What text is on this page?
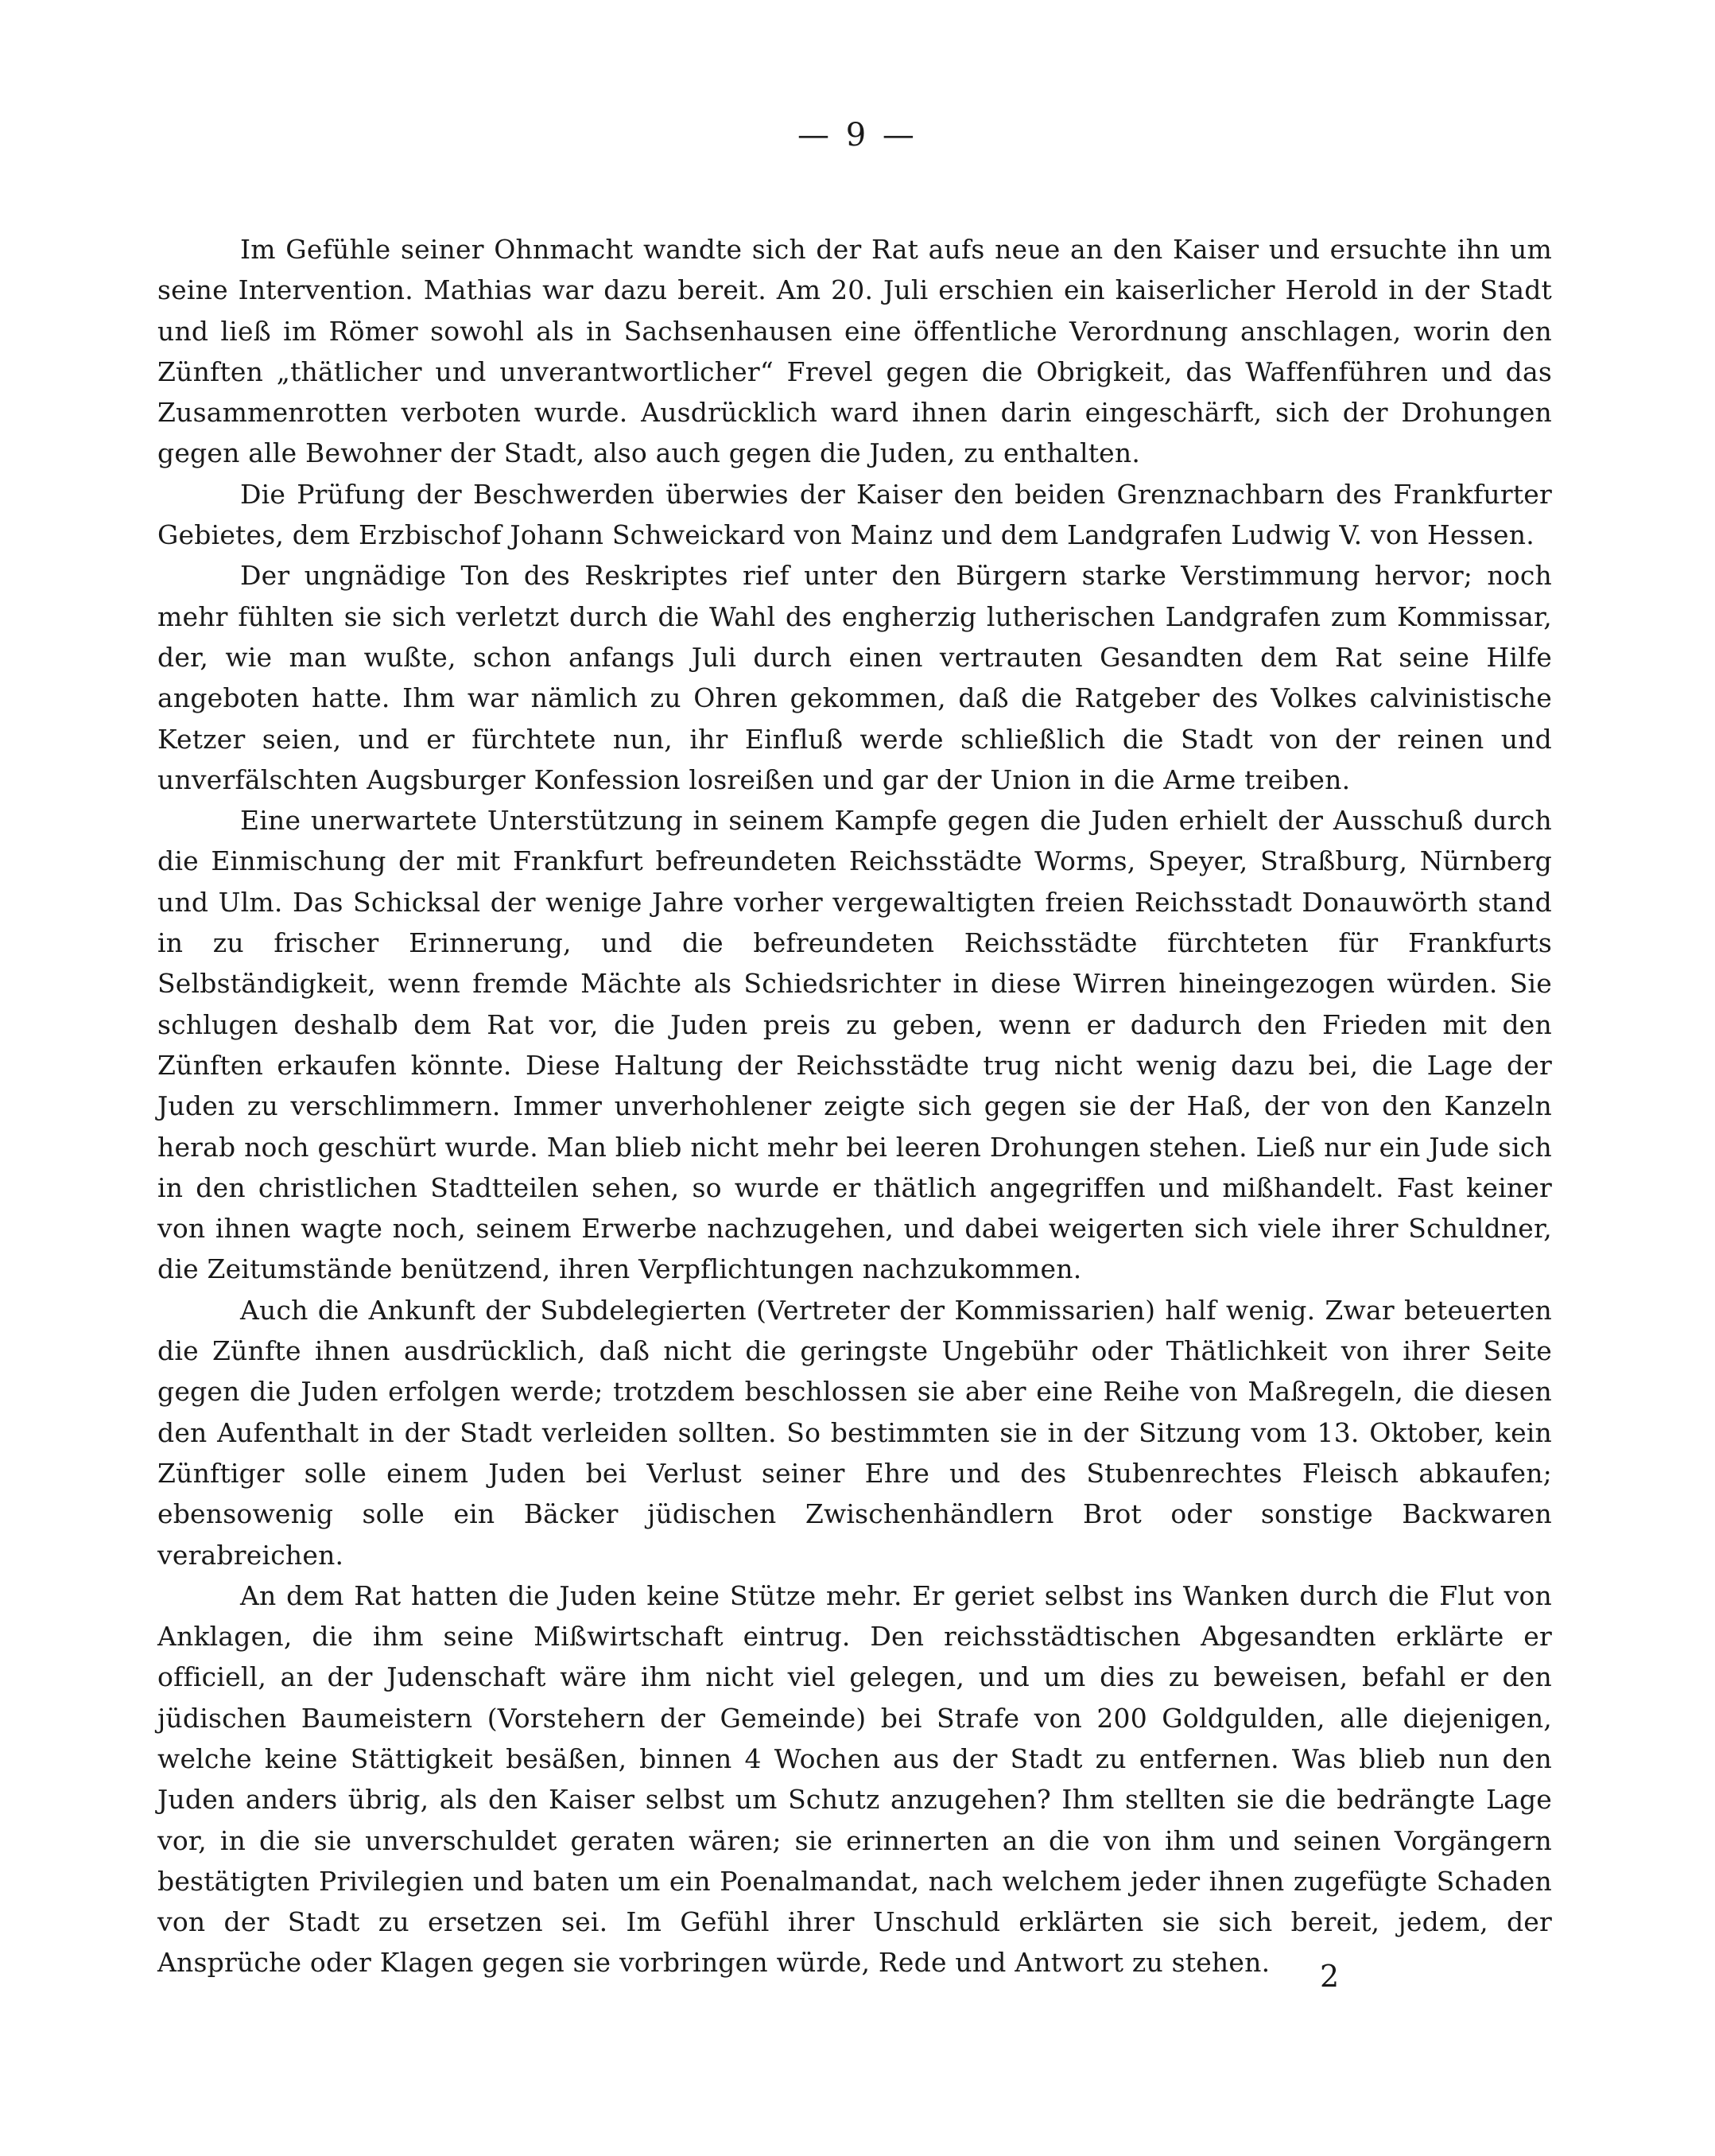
— 9 —

Im Gefühle seiner Ohnmacht wandte sich der Rat aufs neue an den Kaiser und ersuchte ihn um seine Intervention. Mathias war dazu bereit. Am 20. Juli erschien ein kaiserlicher Herold in der Stadt und ließ im Römer sowohl als in Sachsenhausen eine öffentliche Verordnung anschlagen, worin den Zünften „thätlicher und unverantwortlicher“ Frevel gegen die Obrigkeit, das Waffenführen und das Zusammenrotten verboten wurde. Ausdrücklich ward ihnen darin eingeschärft, sich der Drohungen gegen alle Bewohner der Stadt, also auch gegen die Juden, zu enthalten.

Die Prüfung der Beschwerden überwies der Kaiser den beiden Grenznachbarn des Frankfurter Gebietes, dem Erzbischof Johann Schweickard von Mainz und dem Landgrafen Ludwig V. von Hessen.

Der ungnädige Ton des Reskriptes rief unter den Bürgern starke Verstimmung hervor; noch mehr fühlten sie sich verletzt durch die Wahl des engherzig lutherischen Landgrafen zum Kommissar, der, wie man wußte, schon anfangs Juli durch einen vertrauten Gesandten dem Rat seine Hilfe angeboten hatte. Ihm war nämlich zu Ohren gekommen, daß die Ratgeber des Volkes calvinistische Ketzer seien, und er fürchtete nun, ihr Einfluß werde schließlich die Stadt von der reinen und unverfälschten Augsburger Konfession losreißen und gar der Union in die Arme treiben.

Eine unerwartete Unterstützung in seinem Kampfe gegen die Juden erhielt der Ausschuß durch die Einmischung der mit Frankfurt befreundeten Reichsstädte Worms, Speyer, Straßburg, Nürnberg und Ulm. Das Schicksal der wenige Jahre vorher vergewaltigten freien Reichsstadt Donauwörth stand in zu frischer Erinnerung, und die befreundeten Reichsstädte fürchteten für Frankfurts Selbständigkeit, wenn fremde Mächte als Schiedsrichter in diese Wirren hineingezogen würden. Sie schlugen deshalb dem Rat vor, die Juden preis zu geben, wenn er dadurch den Frieden mit den Zünften erkaufen könnte. Diese Haltung der Reichsstädte trug nicht wenig dazu bei, die Lage der Juden zu verschlimmern. Immer unverhohlener zeigte sich gegen sie der Haß, der von den Kanzeln herab noch geschürt wurde. Man blieb nicht mehr bei leeren Drohungen stehen. Ließ nur ein Jude sich in den christlichen Stadtteilen sehen, so wurde er thätlich angegriffen und mißhandelt. Fast keiner von ihnen wagte noch, seinem Erwerbe nachzugehen, und dabei weigerten sich viele ihrer Schuldner, die Zeitumstände benützend, ihren Verpflichtungen nachzukommen.

Auch die Ankunft der Subdelegierten (Vertreter der Kommissarien) half wenig. Zwar beteuerten die Zünfte ihnen ausdrücklich, daß nicht die geringste Ungebühr oder Thätlichkeit von ihrer Seite gegen die Juden erfolgen werde; trotzdem beschlossen sie aber eine Reihe von Maßregeln, die diesen den Aufenthalt in der Stadt verleiden sollten. So bestimmten sie in der Sitzung vom 13. Oktober, kein Zünftiger solle einem Juden bei Verlust seiner Ehre und des Stubenrechtes Fleisch abkaufen; ebensowenig solle ein Bäcker jüdischen Zwischenhändlern Brot oder sonstige Backwaren verabreichen.

An dem Rat hatten die Juden keine Stütze mehr. Er geriet selbst ins Wanken durch die Flut von Anklagen, die ihm seine Mißwirtschaft eintrug. Den reichsstädtischen Abgesandten erklärte er officiell, an der Judenschaft wäre ihm nicht viel gelegen, und um dies zu beweisen, befahl er den jüdischen Baumeistern (Vorstehern der Gemeinde) bei Strafe von 200 Goldgulden, alle diejenigen, welche keine Stättigkeit besäßen, binnen 4 Wochen aus der Stadt zu entfernen. Was blieb nun den Juden anders übrig, als den Kaiser selbst um Schutz anzugehen? Ihm stellten sie die bedrängte Lage vor, in die sie unverschuldet geraten wären; sie erinnerten an die von ihm und seinen Vorgängern bestätigten Privilegien und baten um ein Poenalmandat, nach welchem jeder ihnen zugefügte Schaden von der Stadt zu ersetzen sei. Im Gefühl ihrer Unschuld erklärten sie sich bereit, jedem, der Ansprüche oder Klagen gegen sie vorbringen würde, Rede und Antwort zu stehen.	2
